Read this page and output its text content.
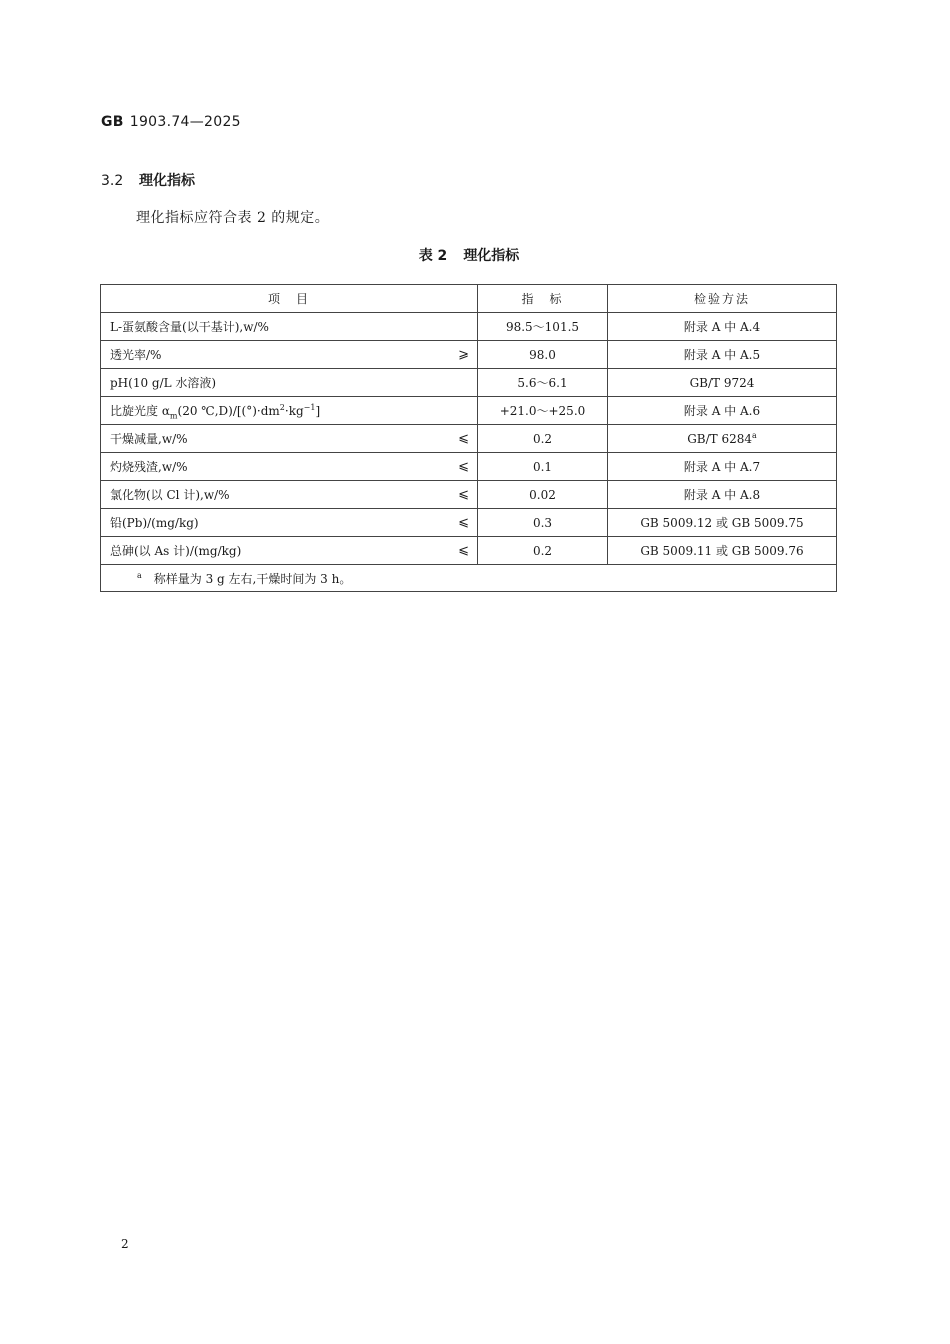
GB 1903.74—2025
3.2 理化指标
理化指标应符合表 2 的规定。
表 2 理化指标
项　目	指　标	检验方法

L-蛋氨酸含量(以干基计),w/%	98.5～101.5	附录 A 中 A.4

透光率/% ⩾	98.0	附录 A 中 A.5

pH(10 g/L 水溶液)	5.6～6.1	GB/T 9724

比旋光度 $\alpha_m(20$ $℃,D)/[(^\circ)\cdot dm^2\cdot kg^{-1}]$	+21.0～+25.0	附录 A 中 A.6

干燥减量,w/% ⩽	0.2	GB/T 6284$^a$

灼烧残渣,w/% ⩽	0.1	附录 A 中 A.7

氯化物(以 Cl 计),w/% ⩽	0.02	附录 A 中 A.8

铅(Pb)/(mg/kg) ⩽	0.3	GB 5009.12 或 GB 5009.75

总砷(以 As 计)/(mg/kg) ⩽	0.2	GB 5009.11 或 GB 5009.76
$^a$　 称样量为 3 g 左右,干燥时间为 3 h。		
2
